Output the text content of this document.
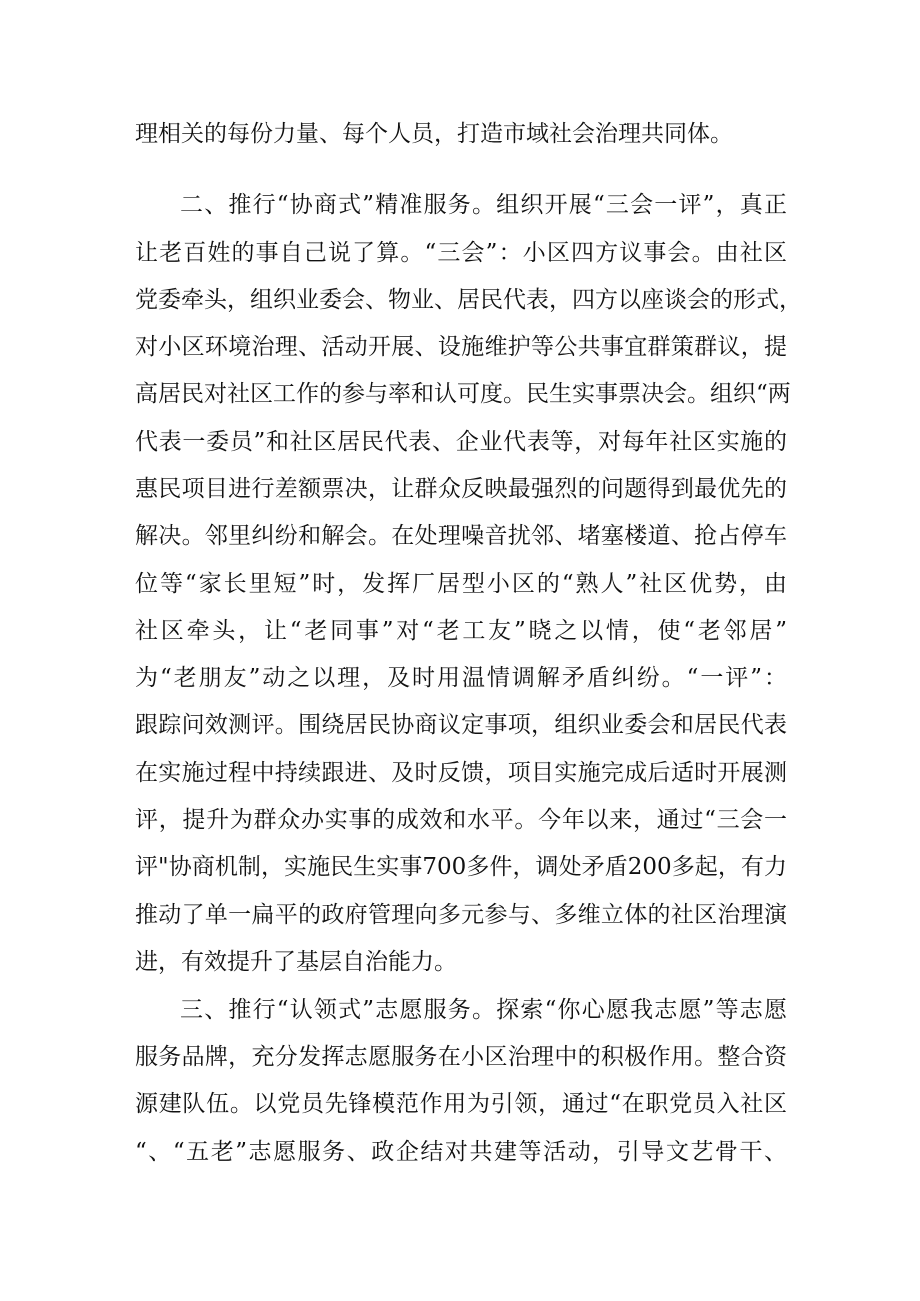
理相关的每份力量、每个人员，打造市域社会治理共同体。
二、推行“协商式”精准服务。组织开展“三会一评”，真正
让老百姓的事自己说了算。“三会”：小区四方议事会。由社区
党委牵头，组织业委会、物业、居民代表，四方以座谈会的形式，
对小区环境治理、活动开展、设施维护等公共事宜群策群议，提
高居民对社区工作的参与率和认可度。民生实事票决会。组织“两
代表一委员”和社区居民代表、企业代表等，对每年社区实施的
惠民项目进行差额票决，让群众反映最强烈的问题得到最优先的
解决。邻里纠纷和解会。在处理噪音扰邻、堵塞楼道、抢占停车
位等“家长里短”时，发挥厂居型小区的“熟人”社区优势，由
社区牵头，让“老同事”对“老工友”晓之以情，使“老邻居”
为“老朋友”动之以理，及时用温情调解矛盾纠纷。“一评”：
跟踪问效测评。围绕居民协商议定事项，组织业委会和居民代表
在实施过程中持续跟进、及时反馈，项目实施完成后适时开展测
评，提升为群众办实事的成效和水平。今年以来，通过“三会一
评"协商机制，实施民生实事700多件，调处矛盾200多起，有力
推动了单一扁平的政府管理向多元参与、多维立体的社区治理演
进，有效提升了基层自治能力。
三、推行“认领式”志愿服务。探索“你心愿我志愿”等志愿
服务品牌，充分发挥志愿服务在小区治理中的积极作用。整合资
源建队伍。以党员先锋模范作用为引领，通过“在职党员入社区
“、“五老”志愿服务、政企结对共建等活动，引导文艺骨干、
